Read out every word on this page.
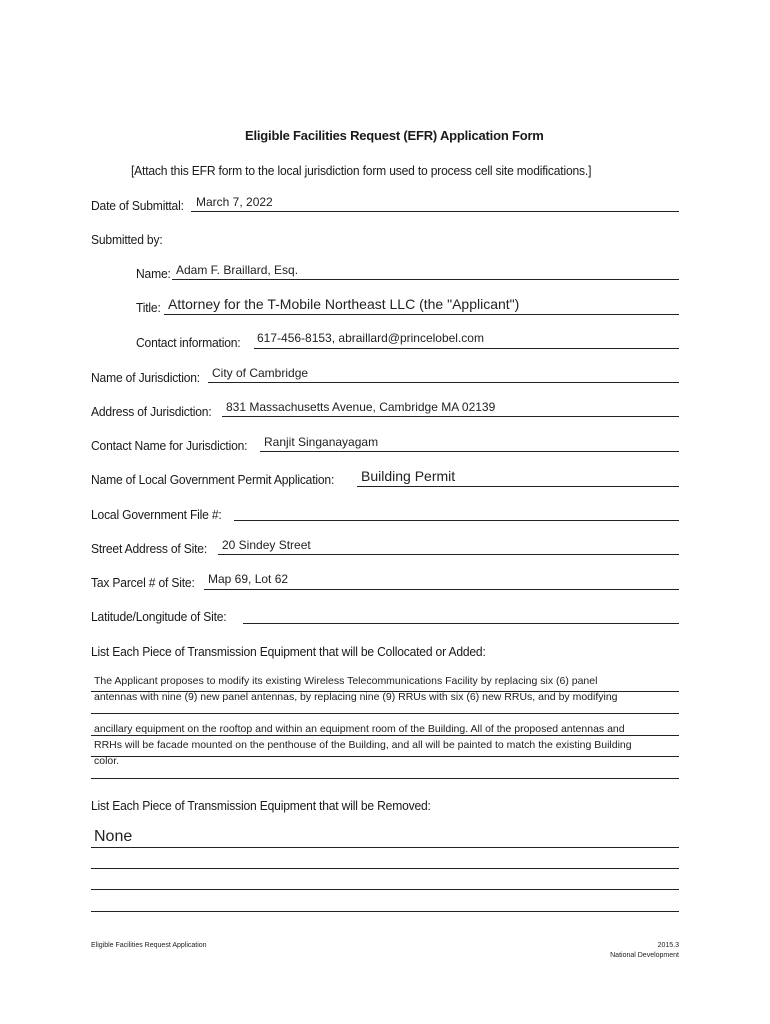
Eligible Facilities Request (EFR) Application Form
[Attach this EFR form to the local jurisdiction form used to process cell site modifications.]
Date of Submittal: March 7, 2022
Submitted by:
Name: Adam F. Braillard, Esq.
Title: Attorney for the T-Mobile Northeast LLC (the "Applicant")
Contact information: 617-456-8153, abraillard@princelobel.com
Name of Jurisdiction: City of Cambridge
Address of Jurisdiction: 831 Massachusetts Avenue, Cambridge MA 02139
Contact Name for Jurisdiction: Ranjit Singanayagam
Name of Local Government Permit Application: Building Permit
Local Government File #:
Street Address of Site: 20 Sindey Street
Tax Parcel # of Site: Map 69, Lot 62
Latitude/Longitude of Site:
List Each Piece of Transmission Equipment that will be Collocated or Added:
The Applicant proposes to modify its existing Wireless Telecommunications Facility by replacing six (6) panel
antennas with nine (9) new panel antennas, by replacing nine (9) RRUs with six (6) new RRUs, and by modifying
ancillary equipment on the rooftop and within an equipment room of the Building. All of the proposed antennas and
RRHs will be facade mounted on the penthouse of the Building, and all will be painted to match the existing Building
color.
List Each Piece of Transmission Equipment that will be Removed:
None
Eligible Facilities Request Application	2015.3
National Development
